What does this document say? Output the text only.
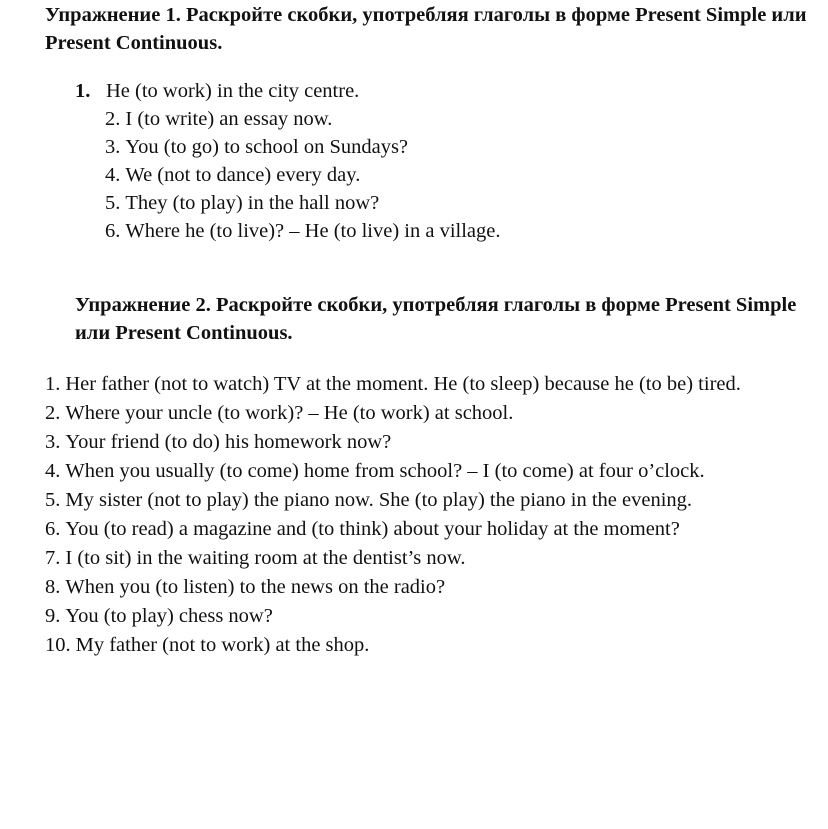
Упражнение 1. Раскройте скобки, употребляя глаголы в форме Present Simple или Present Continuous.
1. He (to work) in the city centre.
2. I (to write) an essay now.
3. You (to go) to school on Sundays?
4. We (not to dance) every day.
5. They (to play) in the hall now?
6. Where he (to live)? – He (to live) in a village.
Упражнение 2. Раскройте скобки, употребляя глаголы в форме Present Simple или Present Continuous.
1. Her father (not to watch) TV at the moment. He (to sleep) because he (to be) tired.
2. Where your uncle (to work)? – He (to work) at school.
3. Your friend (to do) his homework now?
4. When you usually (to come) home from school? – I (to come) at four o’clock.
5. My sister (not to play) the piano now. She (to play) the piano in the evening.
6. You (to read) a magazine and (to think) about your holiday at the moment?
7. I (to sit) in the waiting room at the dentist’s now.
8. When you (to listen) to the news on the radio?
9. You (to play) chess now?
10. My father (not to work) at the shop.
